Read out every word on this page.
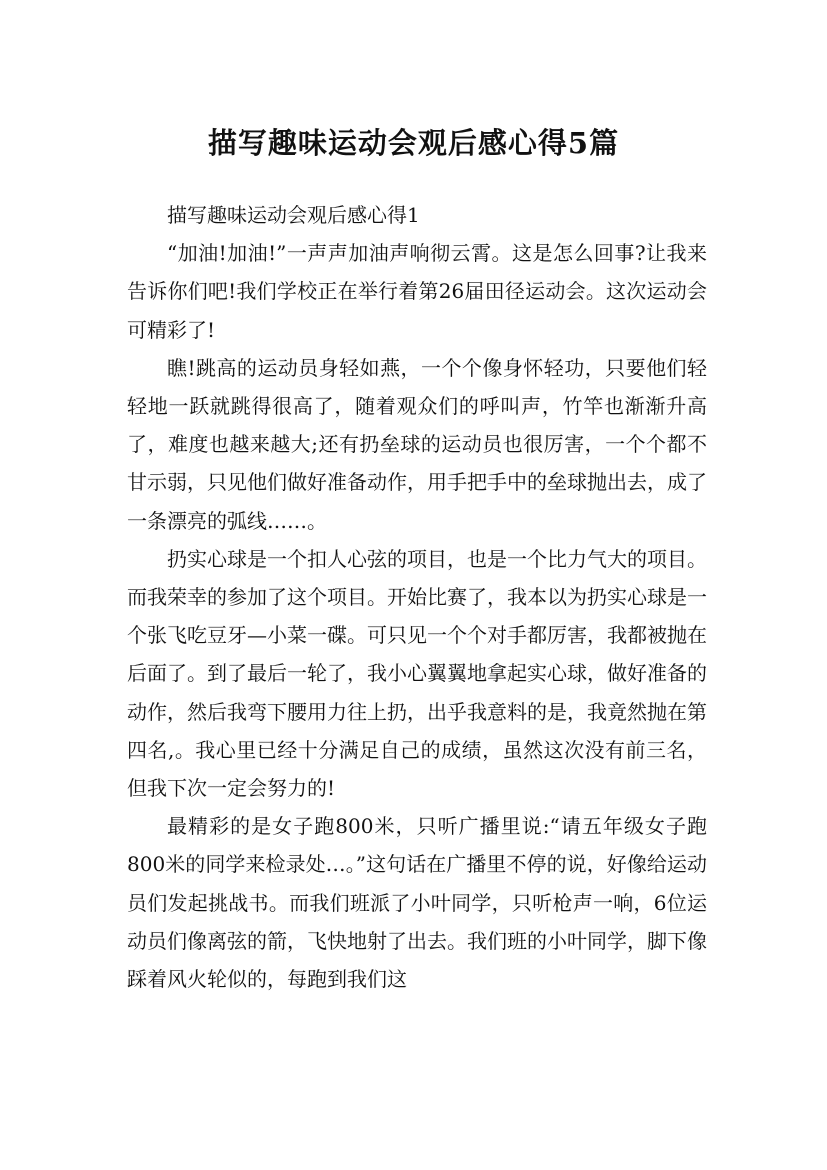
描写趣味运动会观后感心得5篇

描写趣味运动会观后感心得1

“加油!加油!”一声声加油声响彻云霄。这是怎么回事?让我来告诉你们吧!我们学校正在举行着第26届田径运动会。这次运动会可精彩了!

瞧!跳高的运动员身轻如燕，一个个像身怀轻功，只要他们轻轻地一跃就跳得很高了，随着观众们的呼叫声，竹竿也渐渐升高了，难度也越来越大;还有扔垒球的运动员也很厉害，一个个都不甘示弱，只见他们做好准备动作，用手把手中的垒球抛出去，成了一条漂亮的弧线……。

扔实心球是一个扣人心弦的项目，也是一个比力气大的项目。而我荣幸的参加了这个项目。开始比赛了，我本以为扔实心球是一个张飞吃豆牙—小菜一碟。可只见一个个对手都厉害，我都被抛在后面了。到了最后一轮了，我小心翼翼地拿起实心球，做好准备的动作，然后我弯下腰用力往上扔，出乎我意料的是，我竟然抛在第四名,。我心里已经十分满足自己的成绩，虽然这次没有前三名，但我下次一定会努力的!

最精彩的是女子跑800米，只听广播里说:“请五年级女子跑800米的同学来检录处…。”这句话在广播里不停的说，好像给运动员们发起挑战书。而我们班派了小叶同学，只听枪声一响，6位运动员们像离弦的箭，飞快地射了出去。我们班的小叶同学，脚下像踩着风火轮似的，每跑到我们这
